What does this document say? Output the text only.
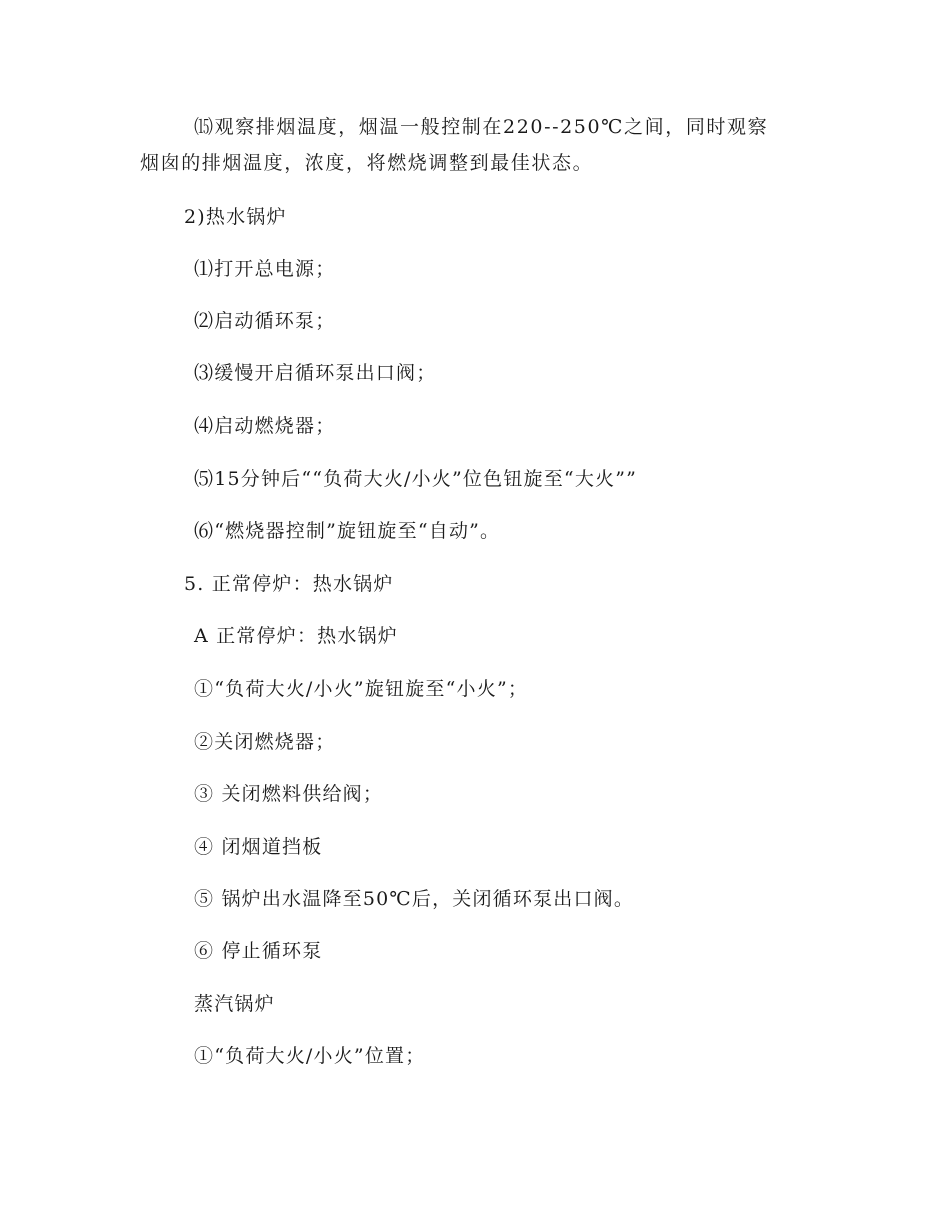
⒂观察排烟温度，烟温一般控制在220--250℃之间，同时观察
烟囱的排烟温度，浓度，将燃烧调整到最佳状态。
2)热水锅炉
⑴打开总电源；
⑵启动循环泵；
⑶缓慢开启循环泵出口阀；
⑷启动燃烧器；
⑸15分钟后““负荷大火/小火”位色钮旋至“大火””
⑹“燃烧器控制”旋钮旋至“自动”。
5. 正常停炉：热水锅炉
A 正常停炉：热水锅炉
①“负荷大火/小火”旋钮旋至“小火”；
②关闭燃烧器；
③ 关闭燃料供给阀；
④ 闭烟道挡板
⑤ 锅炉出水温降至50℃后，关闭循环泵出口阀。
⑥ 停止循环泵
蒸汽锅炉
①“负荷大火/小火”位置；
